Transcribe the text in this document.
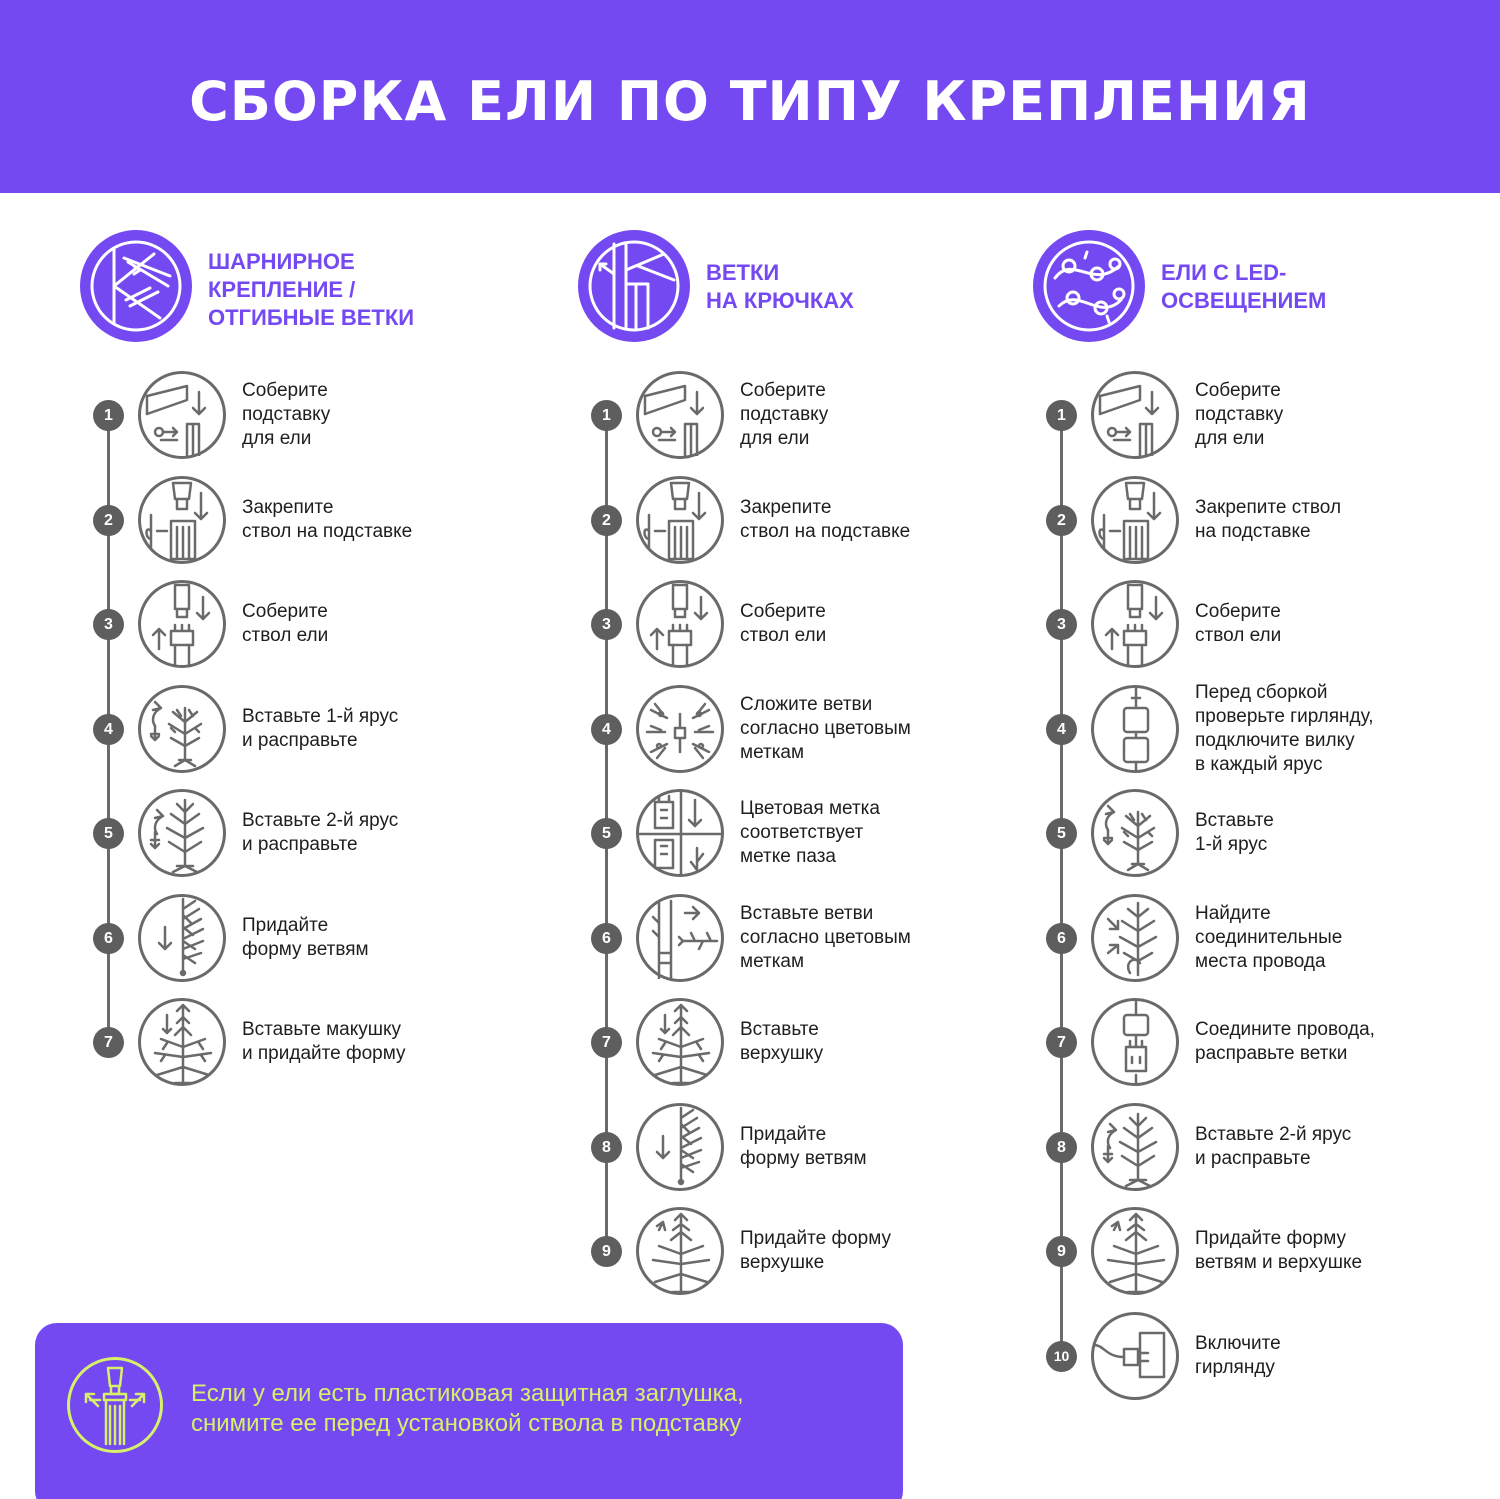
СБОРКА ЕЛИ ПО ТИПУ КРЕПЛЕНИЯ
ШАРНИРНОЕ
КРЕПЛЕНИЕ /
ОТГИБНЫЕ ВЕТКИ
1
Соберите
подставку
для ели
2
Закрепите
ствол на подставке
3
Соберите
ствол ели
4
Вставьте 1-й ярус
и расправьте
5
Вставьте 2-й ярус
и расправьте
6
Придайте
форму ветвям
7
Вставьте макушку
и придайте форму
ВЕТКИ
НА КРЮЧКАХ
1
Соберите
подставку
для ели
2
Закрепите
ствол на подставке
3
Соберите
ствол ели
4
Сложите ветви
согласно цветовым
меткам
5
Цветовая метка
соответствует
метке паза
6
Вставьте ветви
согласно цветовым
меткам
7
Вставьте
верхушку
8
Придайте
форму ветвям
9
Придайте форму
верхушке
ЕЛИ С LED-
ОСВЕЩЕНИЕМ
1
Соберите
подставку
для ели
2
Закрепите ствол
на подставке
3
Соберите
ствол ели
4
Перед сборкой
проверьте гирлянду,
подключите вилку
в каждый ярус
5
Вставьте
1-й ярус
6
Найдите
соединительные
места провода
7
Соедините провода,
расправьте ветки
8
Вставьте 2-й ярус
и расправьте
9
Придайте форму
ветвям и верхушке
10
Включите
гирлянду
Если у ели есть пластиковая защитная заглушка,
снимите ее перед установкой ствола в подставку
